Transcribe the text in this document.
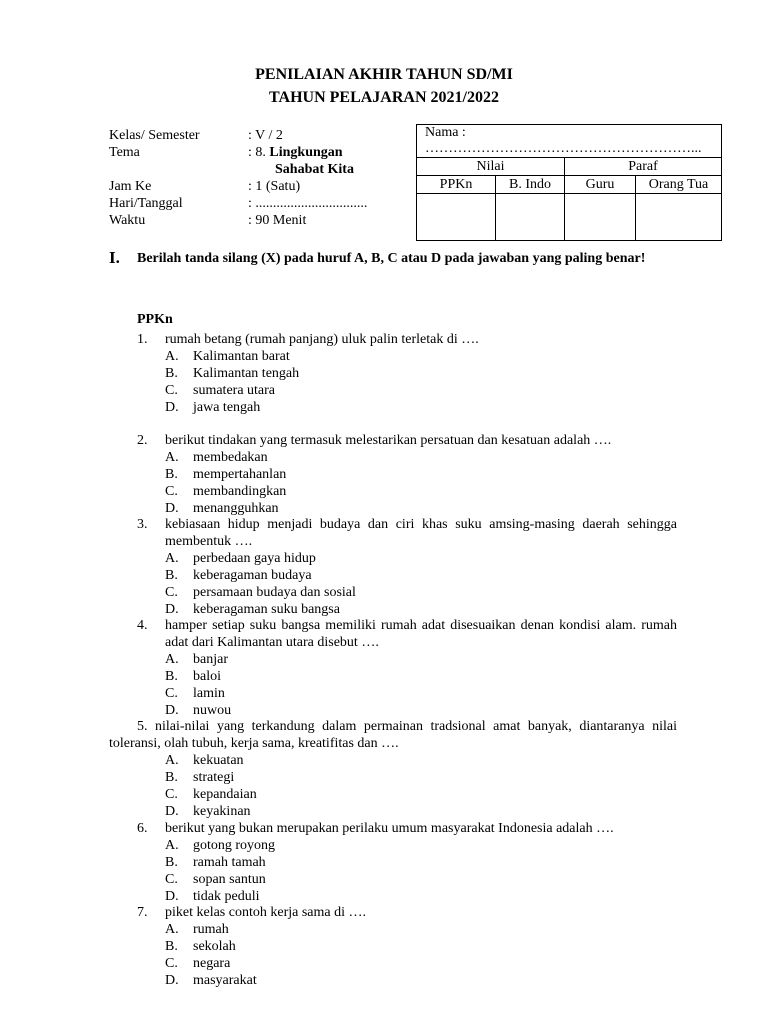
PENILAIAN AKHIR TAHUN SD/MI
TAHUN PELAJARAN 2021/2022
Kelas/ Semester	: V / 2
Tema	: 8. Lingkungan
Sahabat Kita
Jam Ke	: 1 (Satu)
Hari/Tanggal	: ................................
Waktu	: 90 Menit
Nama :
…………………………………………………...			

Nilai		Paraf	
PPKn	B. Indo	Guru	Orang Tua

I. Berilah tanda silang (X) pada huruf A, B, C atau D pada jawaban yang paling benar!
PPKn
1. rumah betang (rumah panjang) uluk palin terletak di ….
A. Kalimantan barat
B. Kalimantan tengah
C. sumatera utara
D. jawa tengah
2. berikut tindakan yang termasuk melestarikan persatuan dan kesatuan adalah ….
A. membedakan
B. mempertahanlan
C. membandingkan
D. menangguhkan
3. kebiasaan hidup menjadi budaya dan ciri khas suku amsing-masing daerah sehingga membentuk ….
A. perbedaan gaya hidup
B. keberagaman budaya
C. persamaan budaya dan sosial
D. keberagaman suku bangsa
4. hamper setiap suku bangsa memiliki rumah adat disesuaikan denan kondisi alam. rumah adat dari Kalimantan utara disebut ….
A. banjar
B. baloi
C. lamin
D. nuwou
5. nilai-nilai yang terkandung dalam permainan tradsional amat banyak, diantaranya nilai toleransi, olah tubuh, kerja sama, kreatifitas dan ….
A. kekuatan
B. strategi
C. kepandaian
D. keyakinan
6. berikut yang bukan merupakan perilaku umum masyarakat Indonesia adalah ….
A. gotong royong
B. ramah tamah
C. sopan santun
D. tidak peduli
7. piket kelas contoh kerja sama di ….
A. rumah
B. sekolah
C. negara
D. masyarakat
